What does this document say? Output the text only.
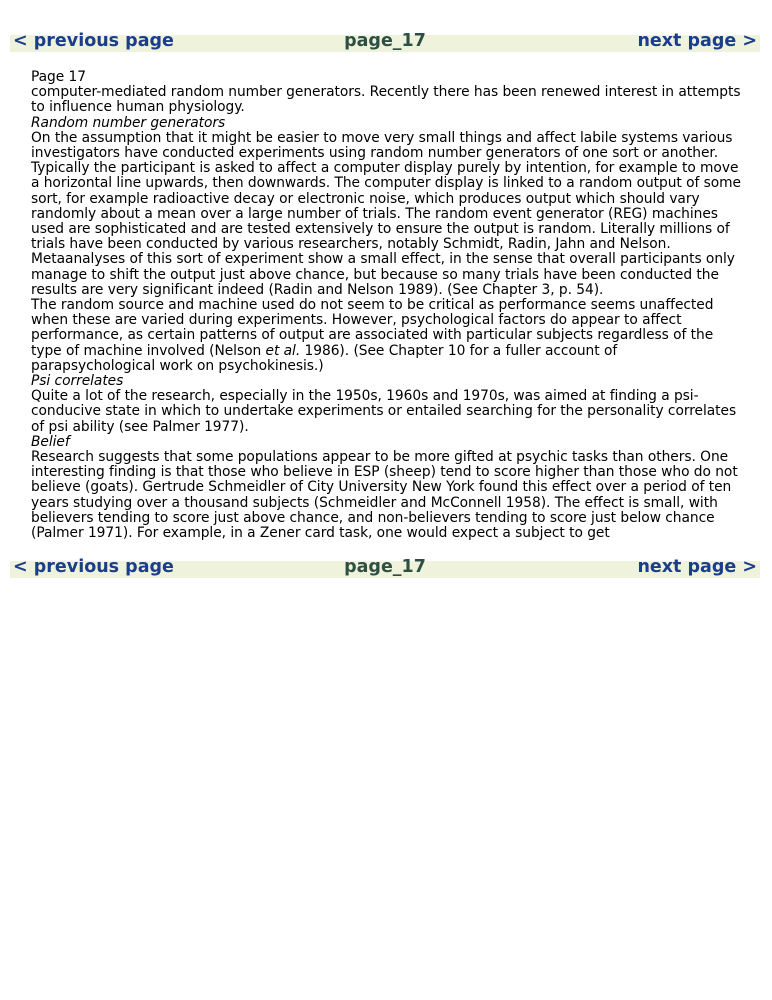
< previous page	page_17	next page >

Page 17

computer-mediated random number generators. Recently there has been renewed interest in attempts to influence human physiology.

Random number generators

On the assumption that it might be easier to move very small things and affect labile systems various investigators have conducted experiments using random number generators of one sort or another. Typically the participant is asked to affect a computer display purely by intention, for example to move a horizontal line upwards, then downwards. The computer display is linked to a random output of some sort, for example radioactive decay or electronic noise, which produces output which should vary randomly about a mean over a large number of trials. The random event generator (REG) machines used are sophisticated and are tested extensively to ensure the output is random. Literally millions of trials have been conducted by various researchers, notably Schmidt, Radin, Jahn and Nelson. Metaanalyses of this sort of experiment show a small effect, in the sense that overall participants only manage to shift the output just above chance, but because so many trials have been conducted the results are very significant indeed (Radin and Nelson 1989). (See Chapter 3, p. 54).

The random source and machine used do not seem to be critical as performance seems unaffected when these are varied during experiments. However, psychological factors do appear to affect performance, as certain patterns of output are associated with particular subjects regardless of the type of machine involved (Nelson et al. 1986). (See Chapter 10 for a fuller account of parapsychological work on psychokinesis.)

Psi correlates

Quite a lot of the research, especially in the 1950s, 1960s and 1970s, was aimed at finding a psi-conducive state in which to undertake experiments or entailed searching for the personality correlates of psi ability (see Palmer 1977).

Belief

Research suggests that some populations appear to be more gifted at psychic tasks than others. One interesting finding is that those who believe in ESP (sheep) tend to score higher than those who do not believe (goats). Gertrude Schmeidler of City University New York found this effect over a period of ten years studying over a thousand subjects (Schmeidler and McConnell 1958). The effect is small, with believers tending to score just above chance, and non-believers tending to score just below chance (Palmer 1971). For example, in a Zener card task, one would expect a subject to get

< previous page	page_17	next page >
